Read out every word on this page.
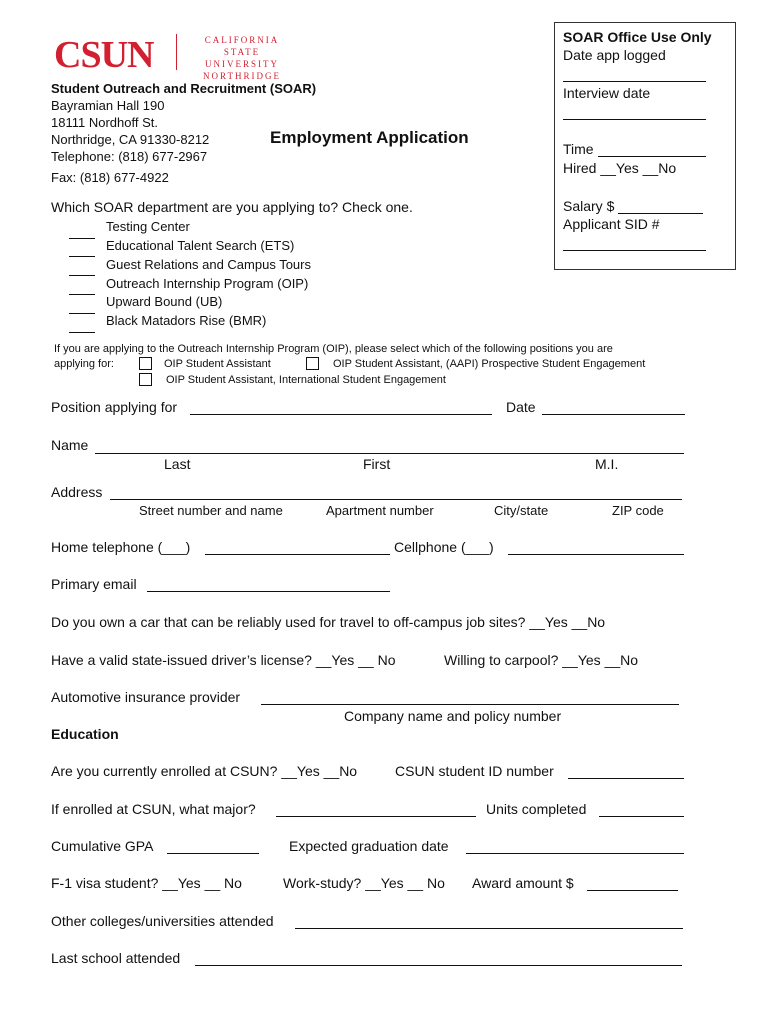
CSUN	CALIFORNIA
STATE UNIVERSITY
NORTHRIDGE
SOAR Office Use Only
Date app logged
Interview date
Time
Hired __Yes __No
Salary $
Applicant SID #
Student Outreach and Recruitment (SOAR)
Bayramian Hall 190
18111 Nordhoff St.
Northridge, CA 91330-8212
Telephone: (818) 677-2967
Fax: (818) 677-4922
Employment Application
Which SOAR department are you applying to? Check one.
Testing Center
Educational Talent Search (ETS)
Guest Relations and Campus Tours
Outreach Internship Program (OIP)
Upward Bound (UB)
Black Matadors Rise (BMR)
If you are applying to the Outreach Internship Program (OIP), please select which of the following positions you are
applying for:	OIP Student Assistant	OIP Student Assistant, (AAPI) Prospective Student Engagement
OIP Student Assistant, International Student Engagement
Position applying for	Date
Name
Last	First	M.I.
Address
Street number and name	Apartment number	City/state	ZIP code
Home telephone (___)	Cellphone (___)
Primary email
Do you own a car that can be reliably used for travel to off-campus job sites? __Yes __No
Have a valid state-issued driver’s license? __Yes __ No	Willing to carpool? __Yes __No
Automotive insurance provider
Company name and policy number
Education
Are you currently enrolled at CSUN? __Yes __No	CSUN student ID number
If enrolled at CSUN, what major?	Units completed
Cumulative GPA	Expected graduation date
F-1 visa student? __Yes __ No	Work-study? __Yes __ No Award amount $
Other colleges/universities attended
Last school attended
